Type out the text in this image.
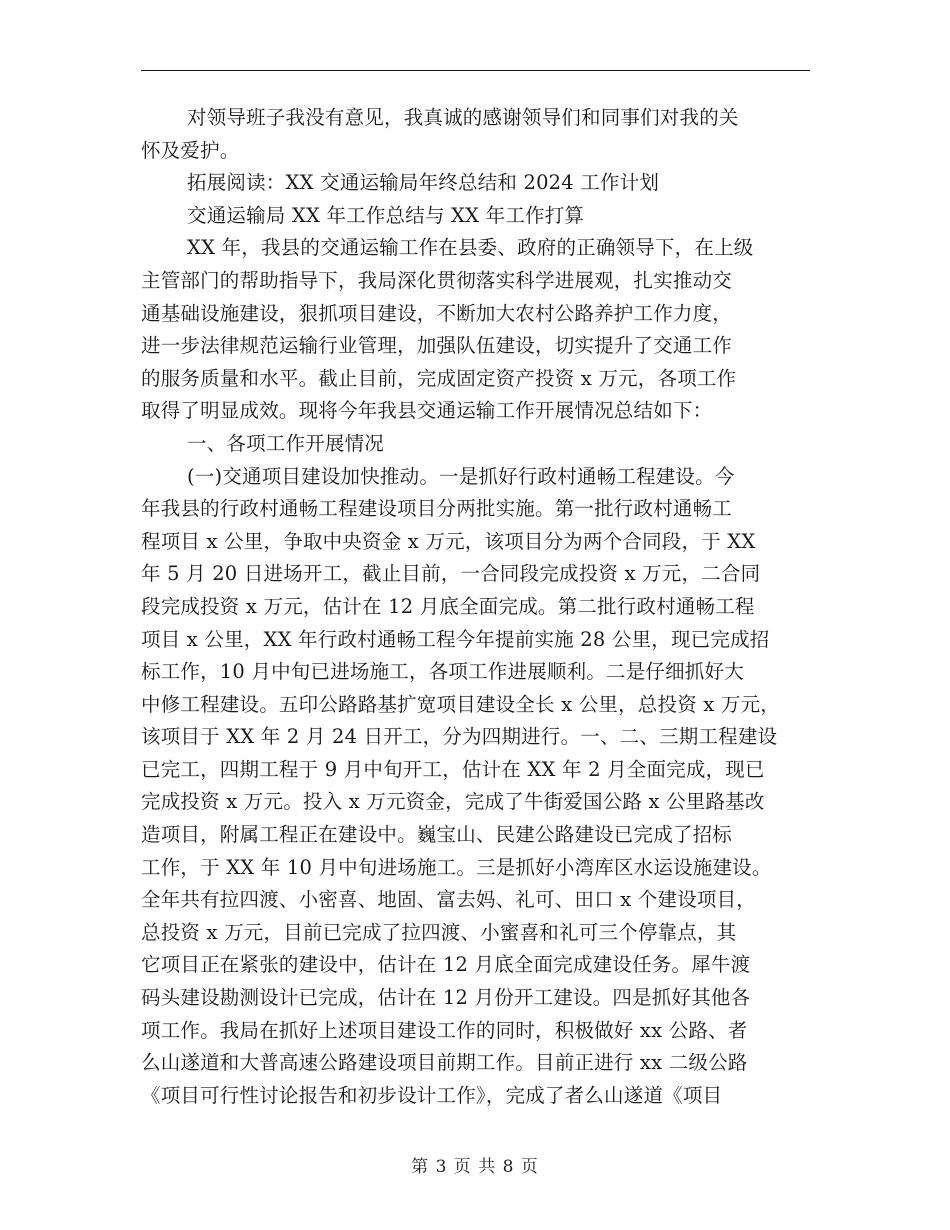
对领导班子我没有意见，我真诚的感谢领导们和同事们对我的关
怀及爱护。
拓展阅读：XX 交通运输局年终总结和 2024 工作计划
交通运输局 XX 年工作总结与 XX 年工作打算
XX 年，我县的交通运输工作在县委、政府的正确领导下，在上级
主管部门的帮助指导下，我局深化贯彻落实科学进展观，扎实推动交
通基础设施建设，狠抓项目建设，不断加大农村公路养护工作力度，
进一步法律规范运输行业管理，加强队伍建设，切实提升了交通工作
的服务质量和水平。截止目前，完成固定资产投资 x 万元，各项工作
取得了明显成效。现将今年我县交通运输工作开展情况总结如下：
一、各项工作开展情况
(一)交通项目建设加快推动。一是抓好行政村通畅工程建设。今
年我县的行政村通畅工程建设项目分两批实施。第一批行政村通畅工
程项目 x 公里，争取中央资金 x 万元，该项目分为两个合同段，于 XX
年 5 月 20 日进场开工，截止目前，一合同段完成投资 x 万元，二合同
段完成投资 x 万元，估计在 12 月底全面完成。第二批行政村通畅工程
项目 x 公里，XX 年行政村通畅工程今年提前实施 28 公里，现已完成招
标工作，10 月中旬已进场施工，各项工作进展顺利。二是仔细抓好大
中修工程建设。五印公路路基扩宽项目建设全长 x 公里，总投资 x 万元，
该项目于 XX 年 2 月 24 日开工，分为四期进行。一、二、三期工程建设
已完工，四期工程于 9 月中旬开工，估计在 XX 年 2 月全面完成，现已
完成投资 x 万元。投入 x 万元资金，完成了牛街爱国公路 x 公里路基改
造项目，附属工程正在建设中。巍宝山、民建公路建设已完成了招标
工作，于 XX 年 10 月中旬进场施工。三是抓好小湾库区水运设施建设。
全年共有拉四渡、小密喜、地固、富去妈、礼可、田口 x 个建设项目，
总投资 x 万元，目前已完成了拉四渡、小蜜喜和礼可三个停靠点，其
它项目正在紧张的建设中，估计在 12 月底全面完成建设任务。犀牛渡
码头建设勘测设计已完成，估计在 12 月份开工建设。四是抓好其他各
项工作。我局在抓好上述项目建设工作的同时，积极做好 xx 公路、者
么山遂道和大普高速公路建设项目前期工作。目前正进行 xx 二级公路
《项目可行性讨论报告和初步设计工作》，完成了者么山遂道《项目
第 3 页 共 8 页
